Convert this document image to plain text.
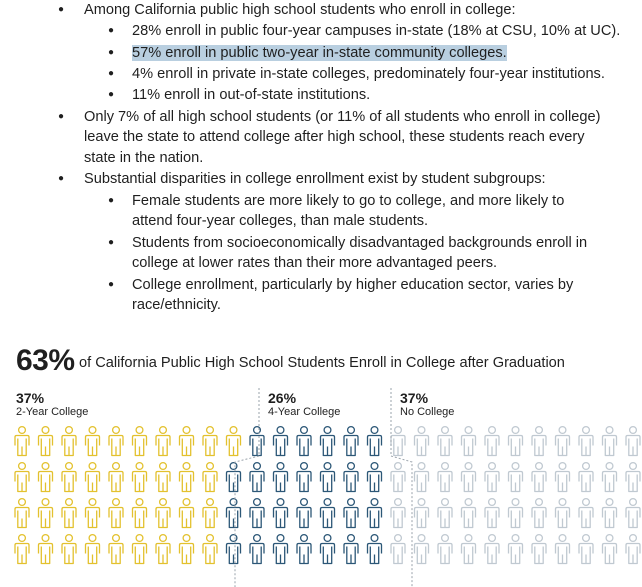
● Among California public high school students who enroll in college:
● 28% enroll in public four-year campuses in-state (18% at CSU, 10% at UC).
● 57% enroll in public two-year in-state community colleges.
● 4% enroll in private in-state colleges, predominately four-year institutions.
● 11% enroll in out-of-state institutions.
● Only 7% of all high school students (or 11% of all students who enroll in college)
leave the state to attend college after high school, these students reach every
state in the nation.
● Substantial disparities in college enrollment exist by student subgroups:
● Female students are more likely to go to college, and more likely to
attend four-year colleges, than male students.
● Students from socioeconomically disadvantaged backgrounds enroll in
college at lower rates than their more advantaged peers.
● College enrollment, particularly by higher education sector, varies by
race/ethnicity.
63% of California Public High School Students Enroll in College after Graduation
37%
2-Year College
26%
4-Year College
37%
No College
